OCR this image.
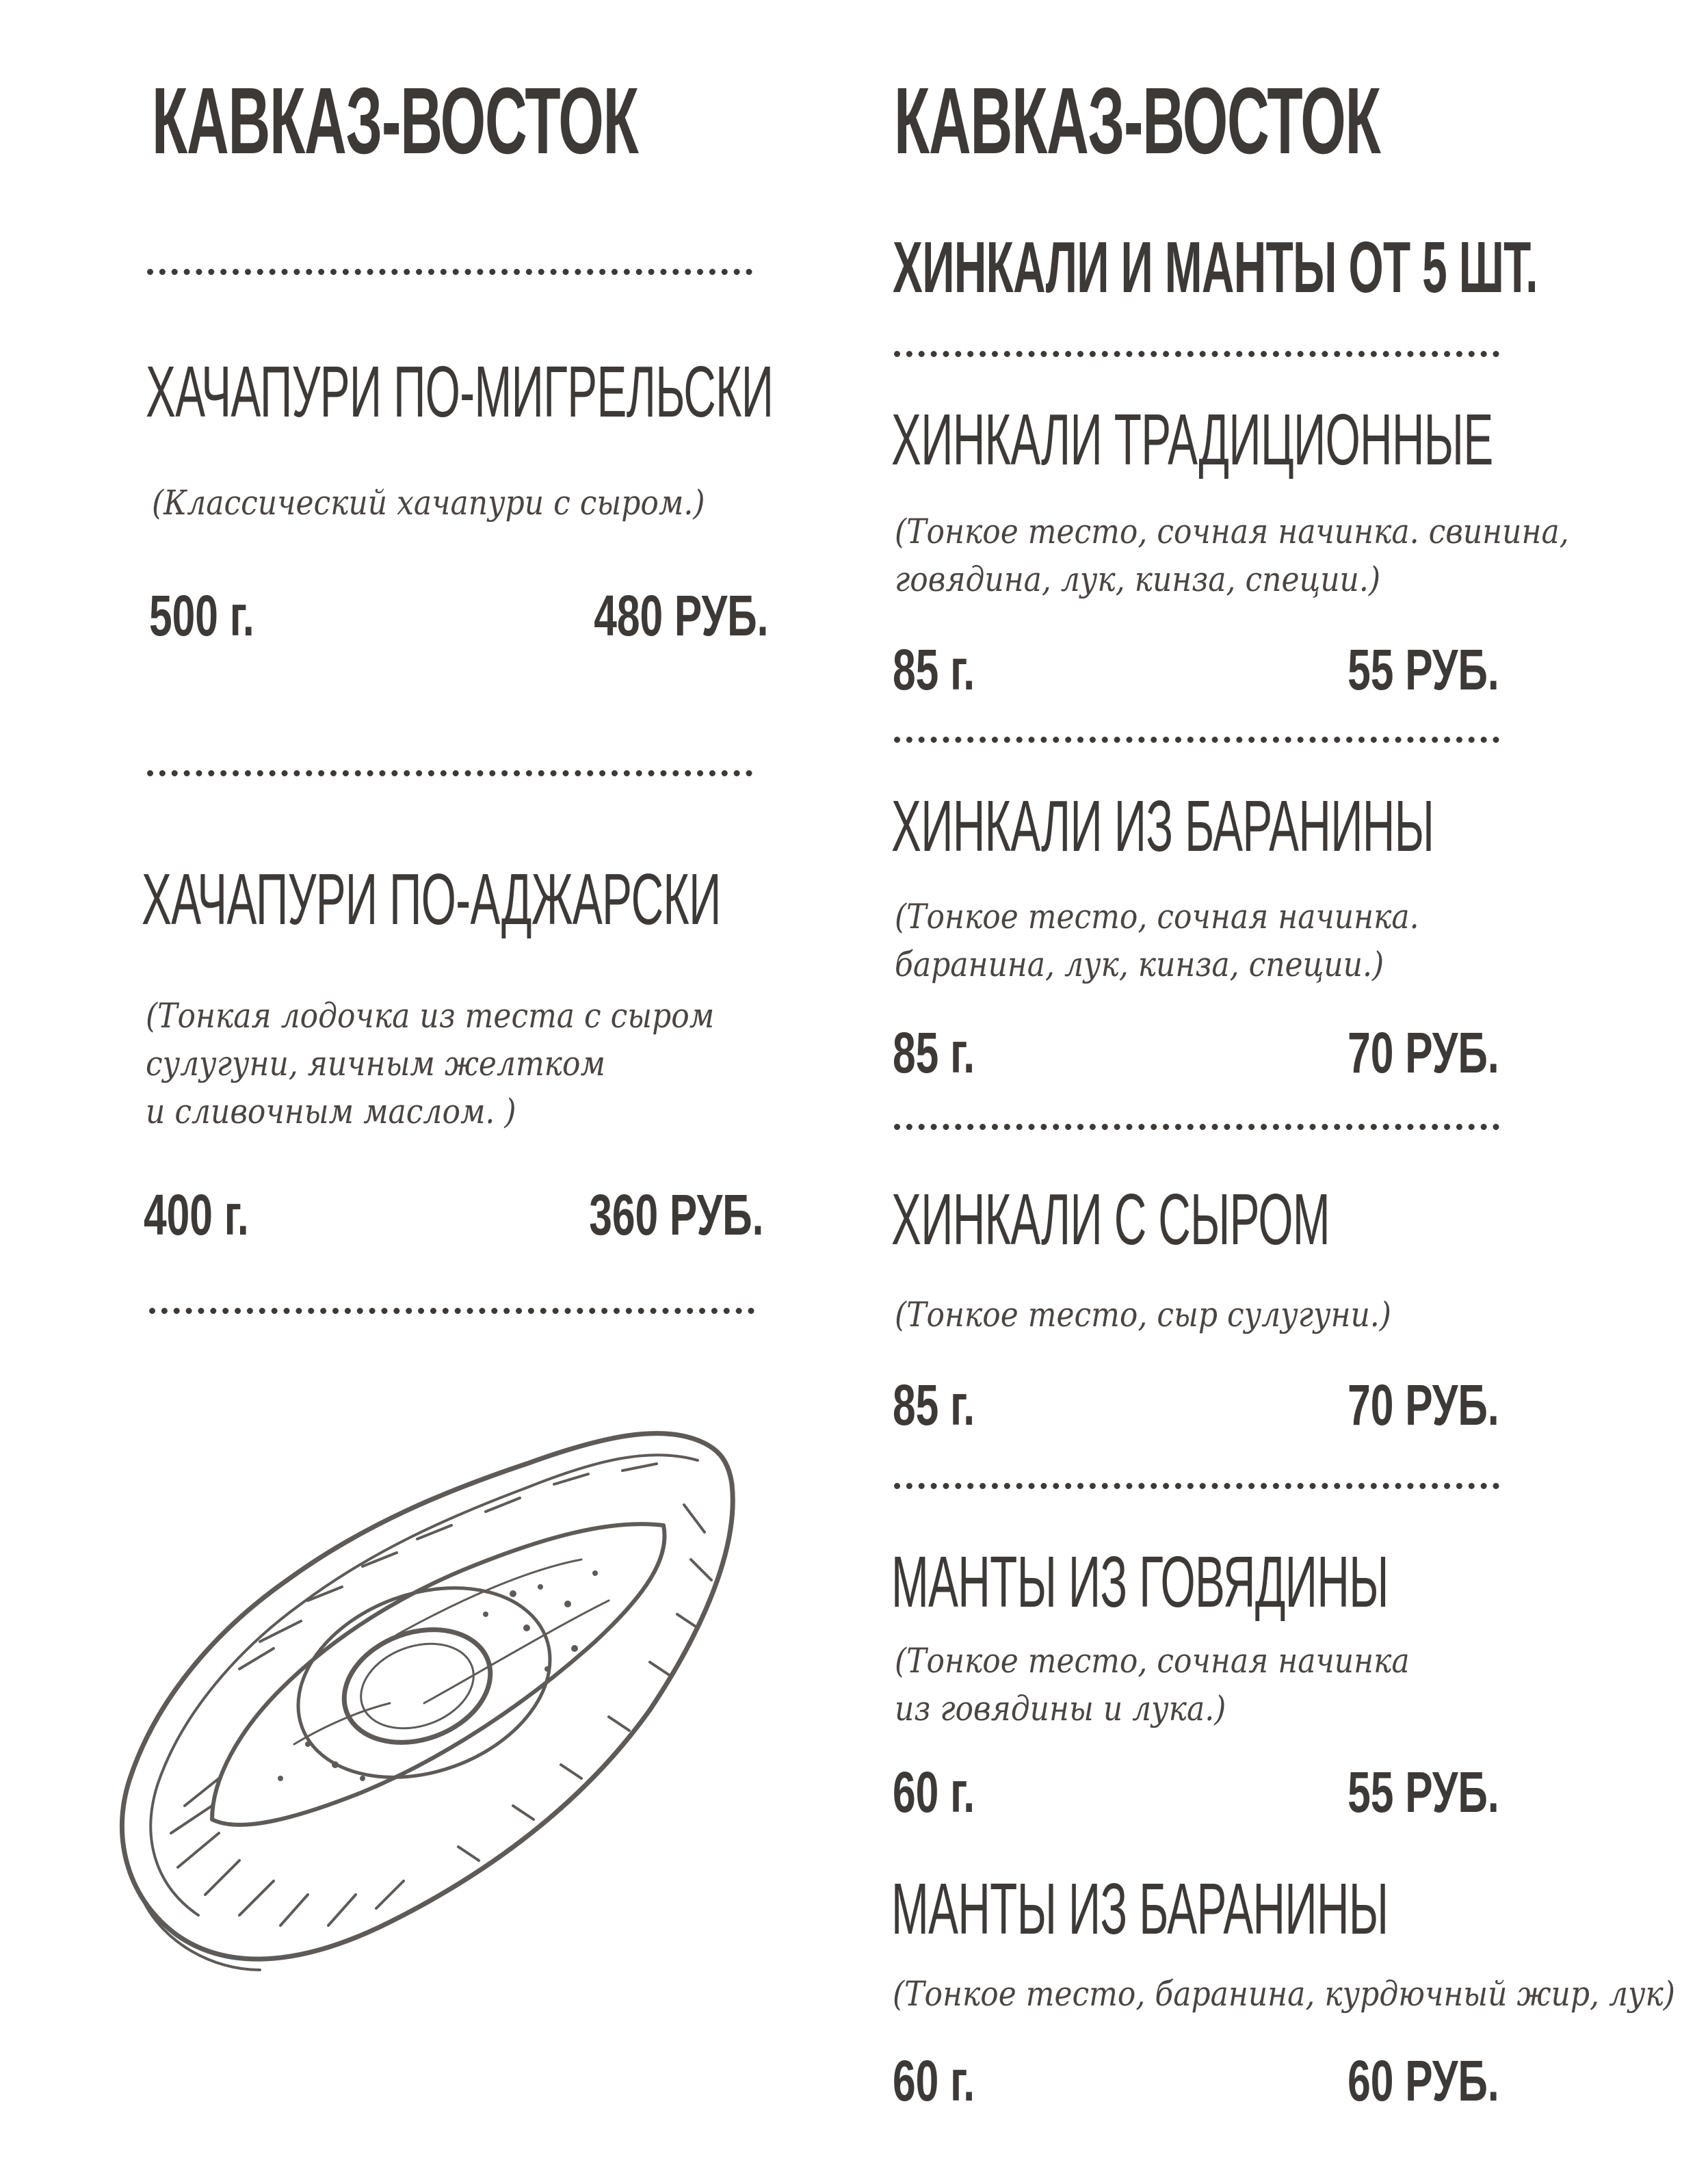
КАВКАЗ-ВОСТОК
ХАЧАПУРИ ПО-МИГРЕЛЬСКИ
(Классический хачапури с сыром.)
500 г.	480 РУБ.
ХАЧАПУРИ ПО-АДЖАРСКИ
(Тонкая лодочка из теста с сыром
сулугуни, яичным желтком
и сливочным маслом. )
400 г.	360 РУБ.
КАВКАЗ-ВОСТОК
ХИНКАЛИ И МАНТЫ ОТ 5 ШТ.
ХИНКАЛИ ТРАДИЦИОННЫЕ
(Тонкое тесто, сочная начинка. свинина,
говядина, лук, кинза, специи.)
85 г.	55 РУБ.
ХИНКАЛИ ИЗ БАРАНИНЫ
(Тонкое тесто, сочная начинка.
баранина, лук, кинза, специи.)
85 г.	70 РУБ.
ХИНКАЛИ С СЫРОМ
(Тонкое тесто, сыр сулугуни.)
85 г.	70 РУБ.
МАНТЫ ИЗ ГОВЯДИНЫ
(Тонкое тесто, сочная начинка
из говядины и лука.)
60 г.	55 РУБ.
МАНТЫ ИЗ БАРАНИНЫ
(Тонкое тесто, баранина, курдючный жир, лук)
60 г.	60 РУБ.
